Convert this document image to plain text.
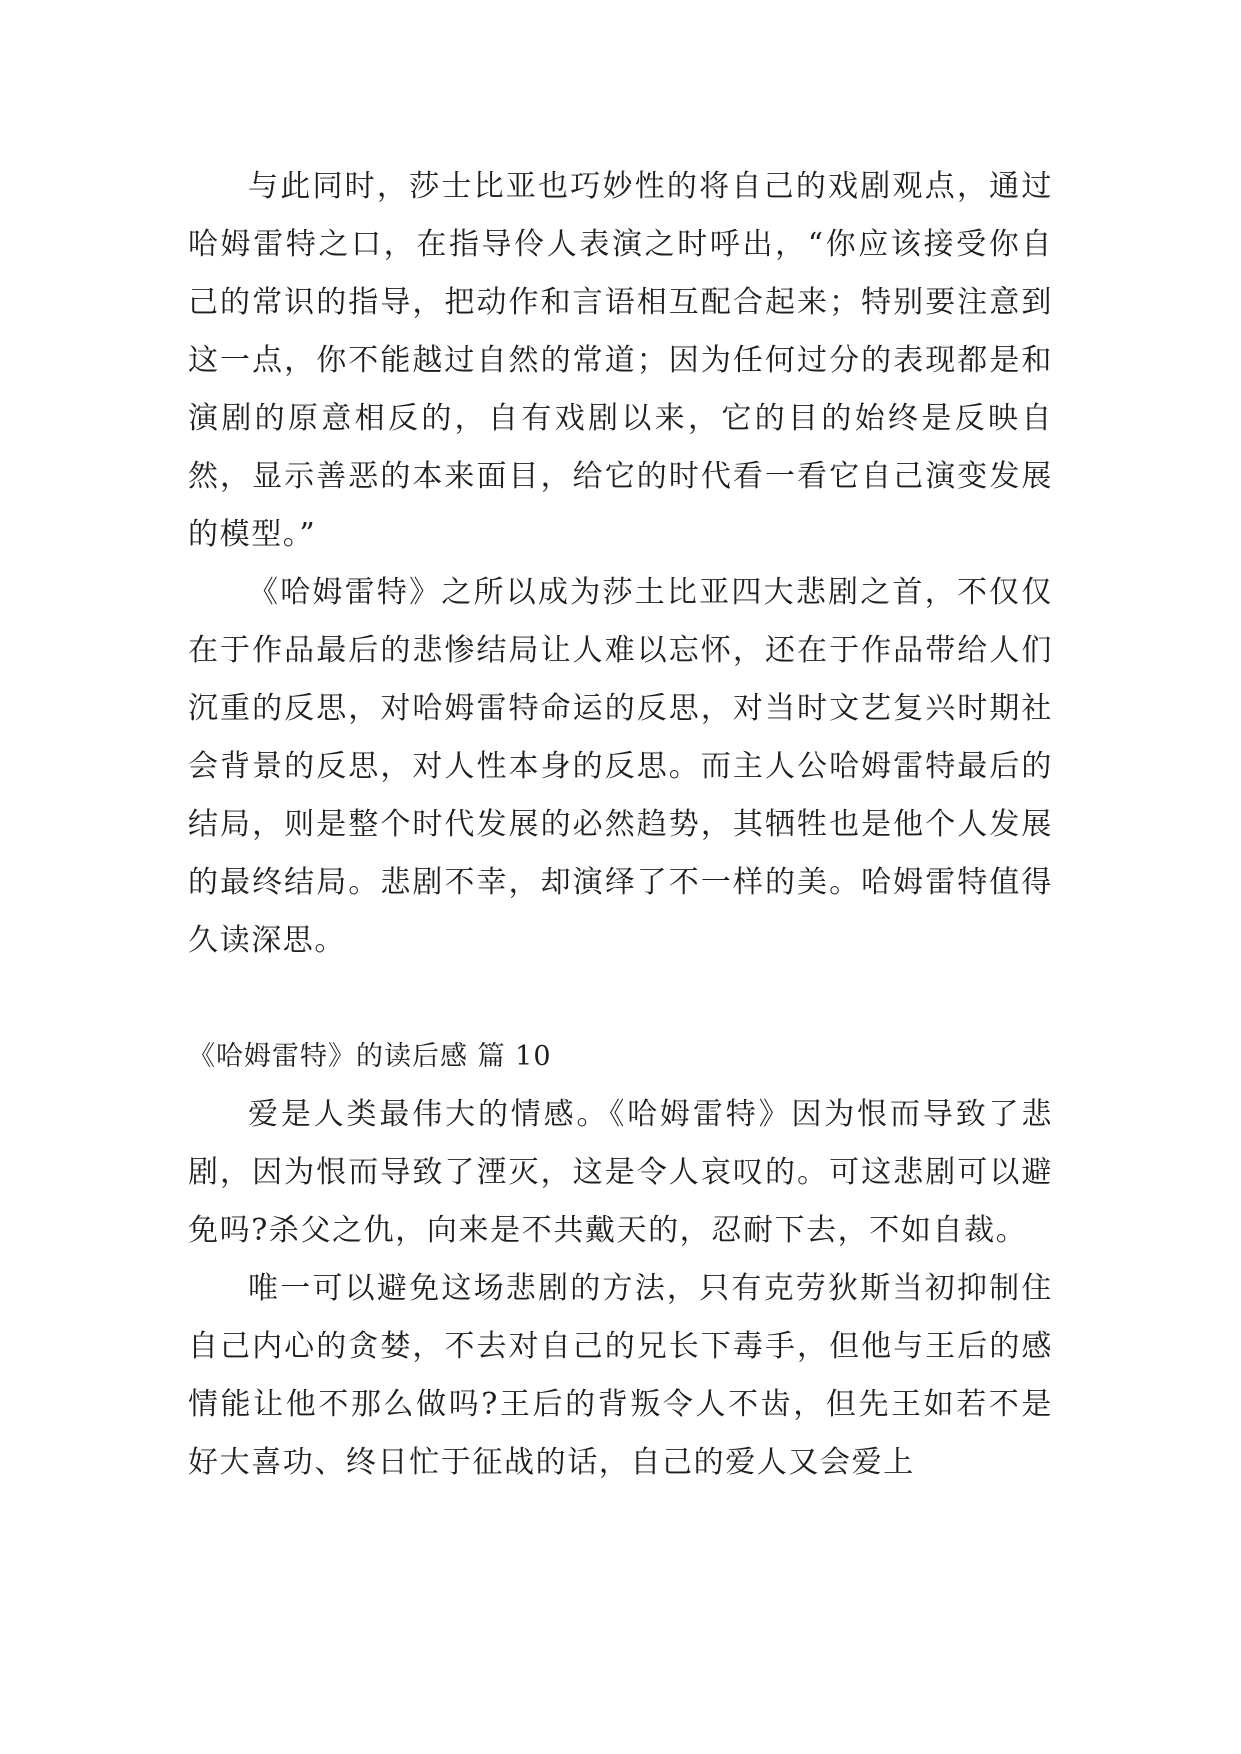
与此同时，莎士比亚也巧妙性的将自己的戏剧观点，通过哈姆雷特之口，在指导伶人表演之时呼出，“你应该接受你自己的常识的指导，把动作和言语相互配合起来；特别要注意到这一点，你不能越过自然的常道；因为任何过分的表现都是和演剧的原意相反的，自有戏剧以来，它的目的始终是反映自然，显示善恶的本来面目，给它的时代看一看它自己演变发展的模型。”

《哈姆雷特》之所以成为莎土比亚四大悲剧之首，不仅仅在于作品最后的悲惨结局让人难以忘怀，还在于作品带给人们沉重的反思，对哈姆雷特命运的反思，对当时文艺复兴时期社会背景的反思，对人性本身的反思。而主人公哈姆雷特最后的结局，则是整个时代发展的必然趋势，其牺牲也是他个人发展的最终结局。悲剧不幸，却演绎了不一样的美。哈姆雷特值得久读深思。

《哈姆雷特》的读后感 篇 10

爱是人类最伟大的情感。《哈姆雷特》因为恨而导致了悲剧，因为恨而导致了湮灭，这是令人哀叹的。可这悲剧可以避免吗?杀父之仇，向来是不共戴天的，忍耐下去，不如自裁。

唯一可以避免这场悲剧的方法，只有克劳狄斯当初抑制住自己内心的贪婪，不去对自己的兄长下毒手，但他与王后的感情能让他不那么做吗?王后的背叛令人不齿，但先王如若不是好大喜功、终日忙于征战的话，自己的爱人又会爱上
